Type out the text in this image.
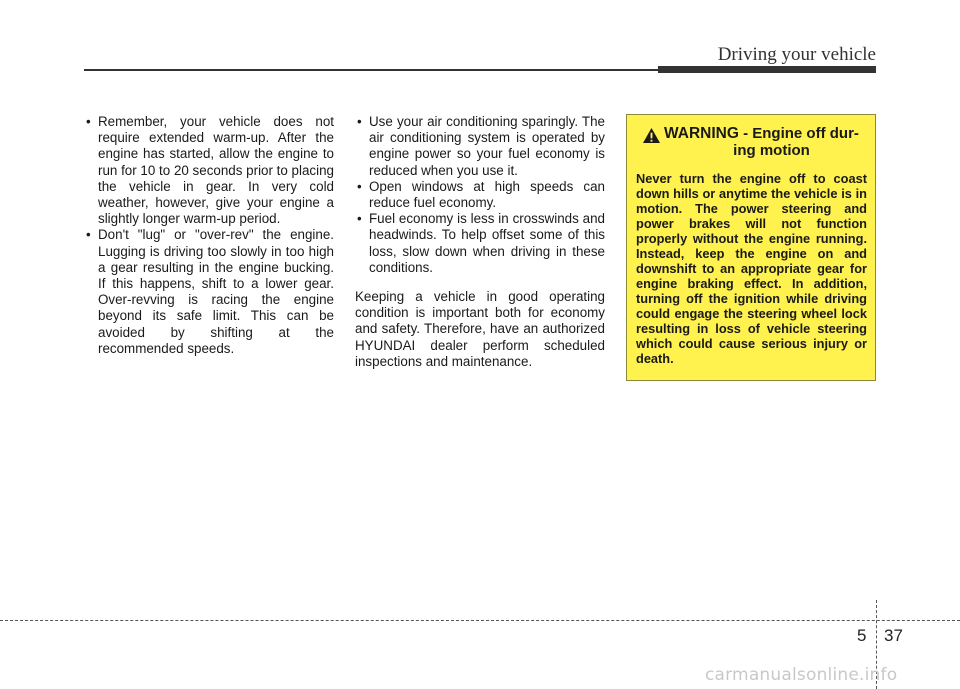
Driving your vehicle
• Remember, your vehicle does not require extended warm-up. After the engine has started, allow the engine to run for 10 to 20 seconds prior to placing the vehicle in gear. In very cold weather, however, give your engine a slightly longer warm-up period.
• Don't "lug" or "over-rev" the engine. Lugging is driving too slowly in too high a gear resulting in the engine bucking. If this happens, shift to a lower gear. Over-revving is racing the engine beyond its safe limit. This can be avoided by shifting at the recommended speeds.
• Use your air conditioning sparingly. The air conditioning system is operated by engine power so your fuel economy is reduced when you use it.
• Open windows at high speeds can reduce fuel economy.
• Fuel economy is less in crosswinds and headwinds. To help offset some of this loss, slow down when driving in these conditions.

Keeping a vehicle in good operating condition is important both for economy and safety. Therefore, have an authorized HYUNDAI dealer perform scheduled inspections and maintenance.

WARNING - Engine off dur-
ing motion

Never turn the engine off to coast down hills or anytime the vehicle is in motion. The power steering and power brakes will not function properly without the engine running. Instead, keep the engine on and downshift to an appropriate gear for engine braking effect. In addition, turning off the ignition while driving could engage the steering wheel lock resulting in loss of vehicle steering which could cause serious injury or death.

5 37
carmanualsonline.info
